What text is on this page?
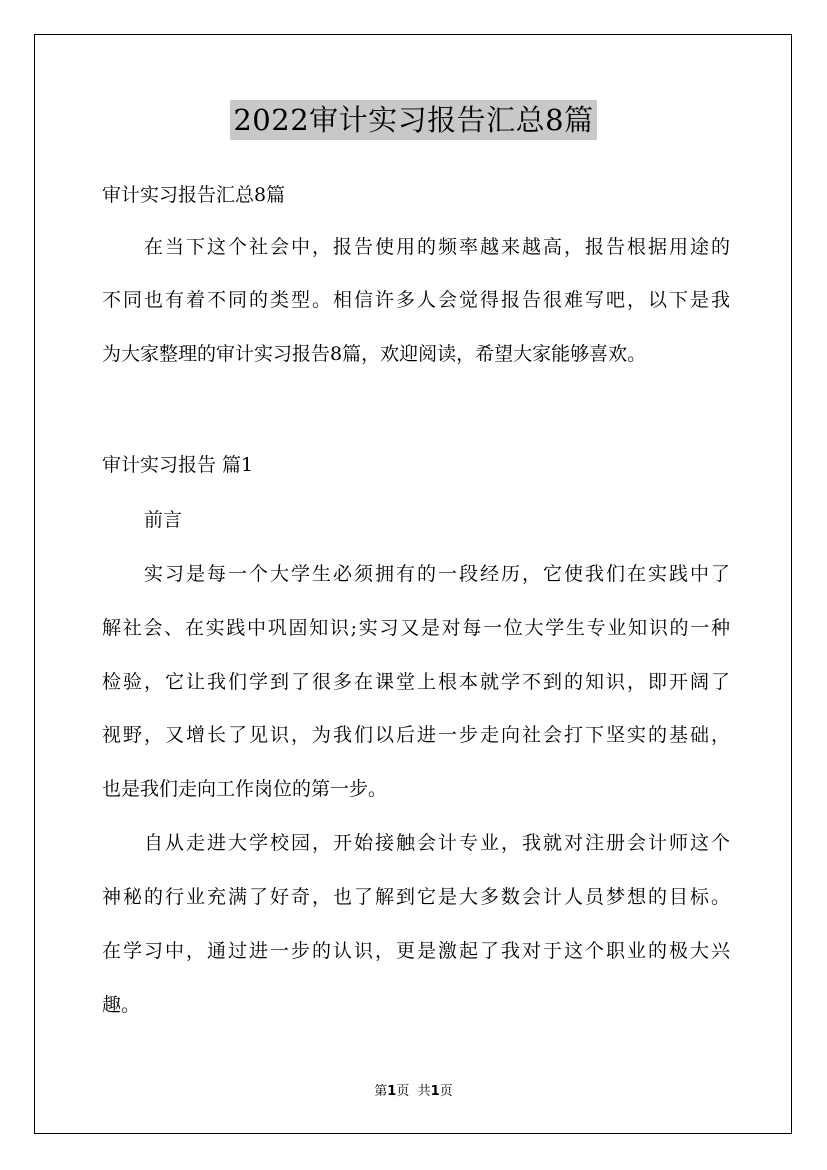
2022审计实习报告汇总8篇
审计实习报告汇总8篇
在当下这个社会中，报告使用的频率越来越高，报告根据用途的
不同也有着不同的类型。相信许多人会觉得报告很难写吧，以下是我
为大家整理的审计实习报告8篇，欢迎阅读，希望大家能够喜欢。
审计实习报告 篇1
前言
实习是每一个大学生必须拥有的一段经历，它使我们在实践中了
解社会、在实践中巩固知识;实习又是对每一位大学生专业知识的一种
检验，它让我们学到了很多在课堂上根本就学不到的知识，即开阔了
视野，又增长了见识，为我们以后进一步走向社会打下坚实的基础，
也是我们走向工作岗位的第一步。
自从走进大学校园，开始接触会计专业，我就对注册会计师这个
神秘的行业充满了好奇，也了解到它是大多数会计人员梦想的目标。
在学习中，通过进一步的认识，更是激起了我对于这个职业的极大兴
趣。
第1页 共1页
